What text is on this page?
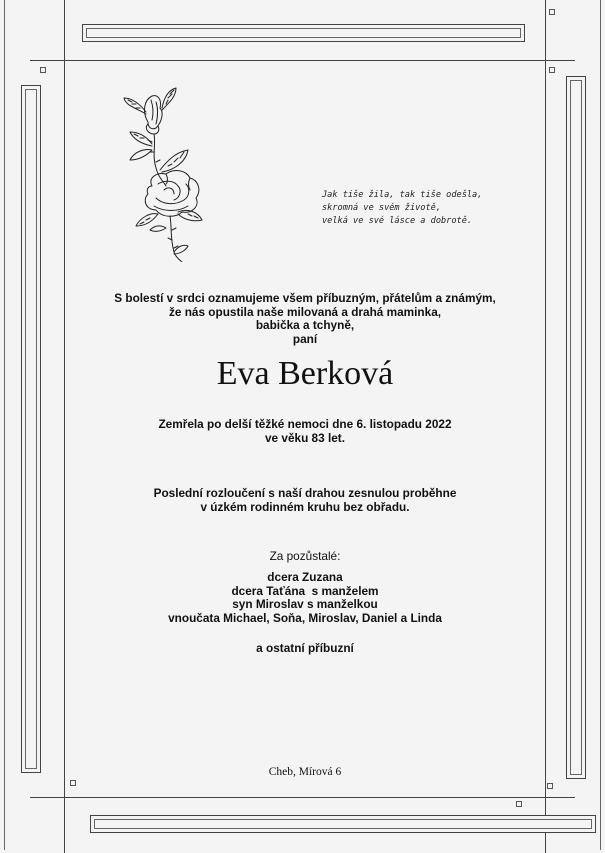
Jak tiše žila, tak tiše odešla,
skromná ve svém životě,
velká ve své lásce a dobrotě.
S bolestí v srdci oznamujeme všem příbuzným, přátelům a známým,
že nás opustila naše milovaná a drahá maminka,
babička a tchyně,
paní
Eva Berková
Zemřela po delší těžké nemoci dne 6. listopadu 2022
ve věku 83 let.
Poslední rozloučení s naší drahou zesnulou proběhne
v úzkém rodinném kruhu bez obřadu.
Za pozůstalé:
dcera Zuzana
dcera Taťána  s manželem
syn Miroslav s manželkou
vnoučata Michael, Soňa, Miroslav, Daniel a Linda
a ostatní příbuzní
Cheb, Mírová 6
